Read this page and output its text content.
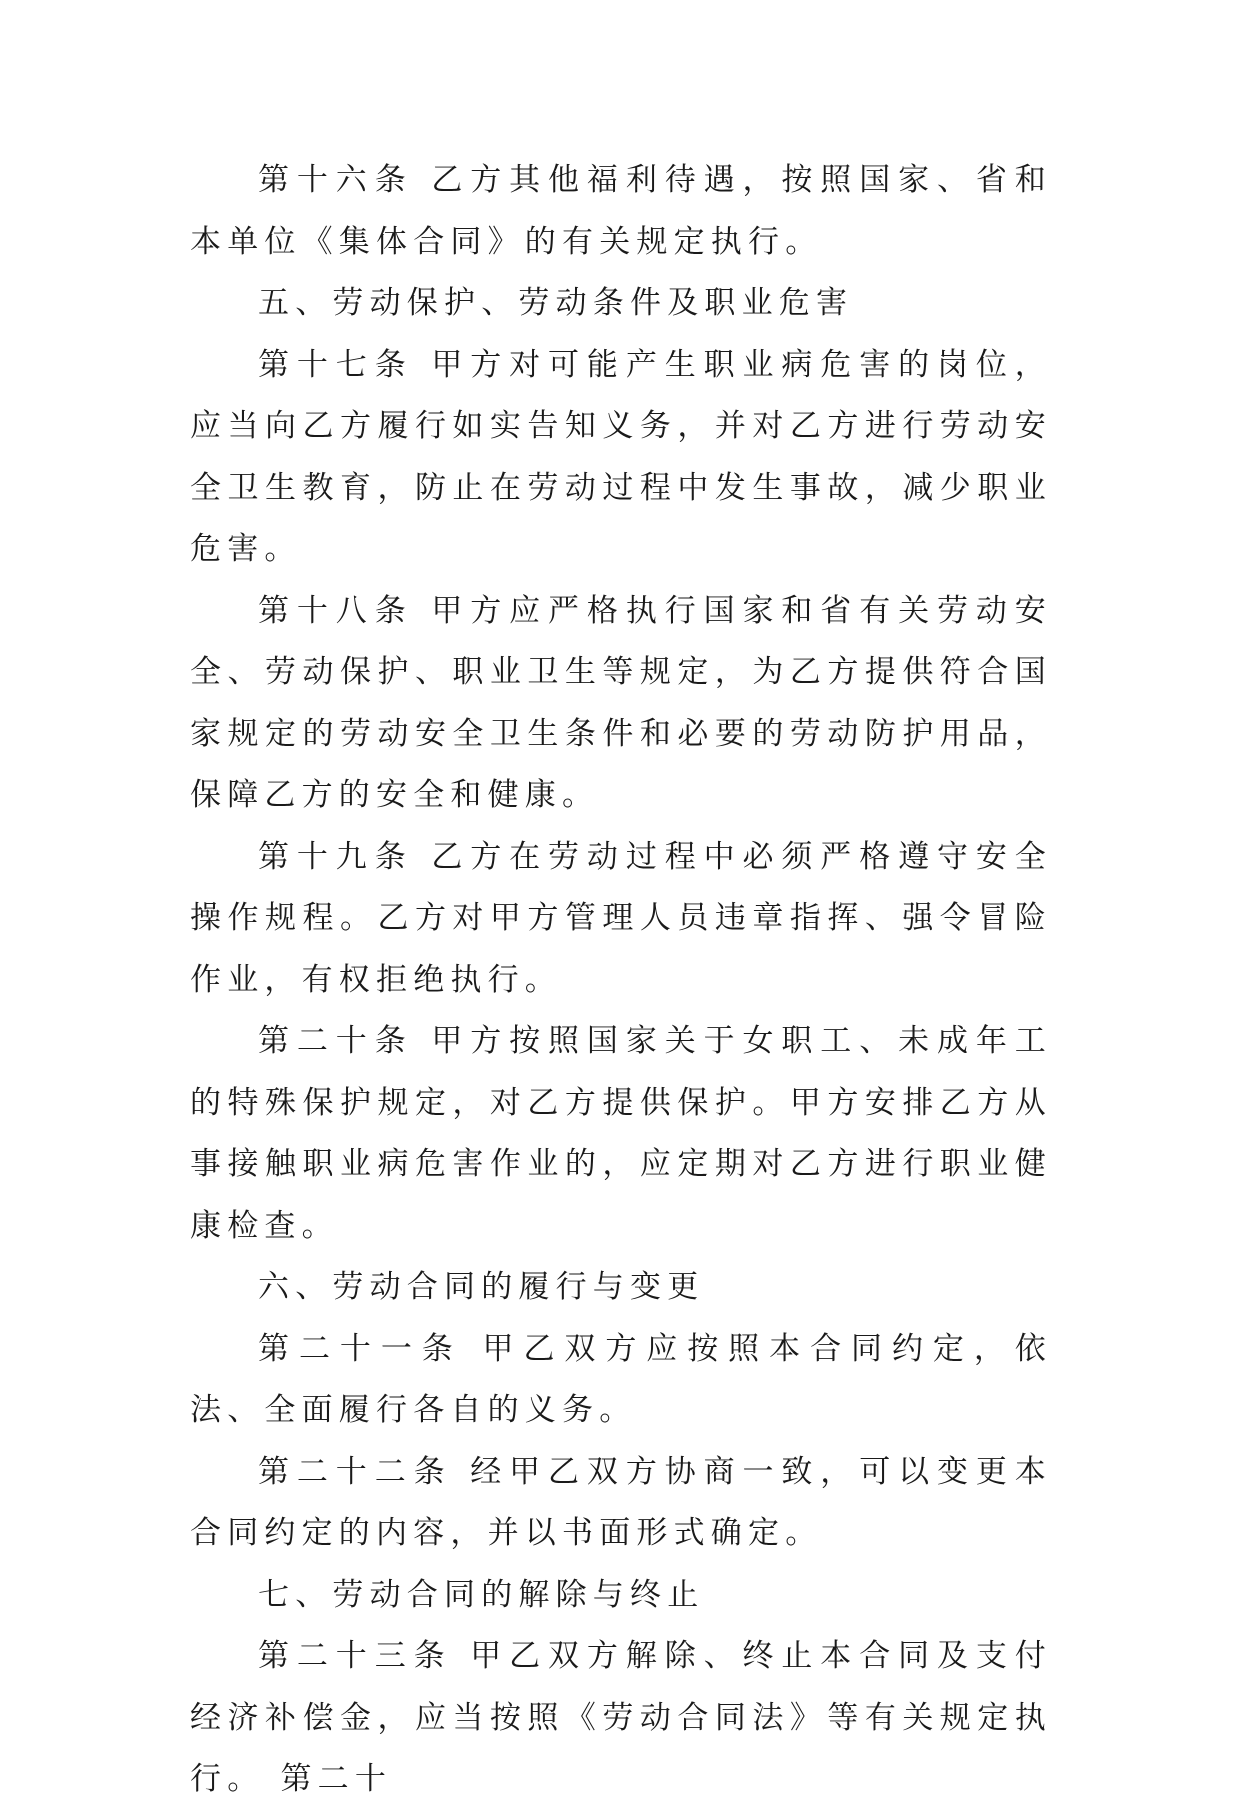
第十六条 乙方其他福利待遇，按照国家、省和本单位《集体合同》的有关规定执行。

五、劳动保护、劳动条件及职业危害

第十七条 甲方对可能产生职业病危害的岗位，应当向乙方履行如实告知义务，并对乙方进行劳动安全卫生教育，防止在劳动过程中发生事故，减少职业危害。

第十八条 甲方应严格执行国家和省有关劳动安全、劳动保护、职业卫生等规定，为乙方提供符合国家规定的劳动安全卫生条件和必要的劳动防护用品，保障乙方的安全和健康。

第十九条 乙方在劳动过程中必须严格遵守安全操作规程。乙方对甲方管理人员违章指挥、强令冒险作业，有权拒绝执行。

第二十条 甲方按照国家关于女职工、未成年工的特殊保护规定，对乙方提供保护。甲方安排乙方从事接触职业病危害作业的，应定期对乙方进行职业健康检查。

六、劳动合同的履行与变更

第二十一条 甲乙双方应按照本合同约定，依法、全面履行各自的义务。

第二十二条 经甲乙双方协商一致，可以变更本合同约定的内容，并以书面形式确定。

七、劳动合同的解除与终止

第二十三条 甲乙双方解除、终止本合同及支付经济补偿金，应当按照《劳动合同法》等有关规定执行。 第二十
